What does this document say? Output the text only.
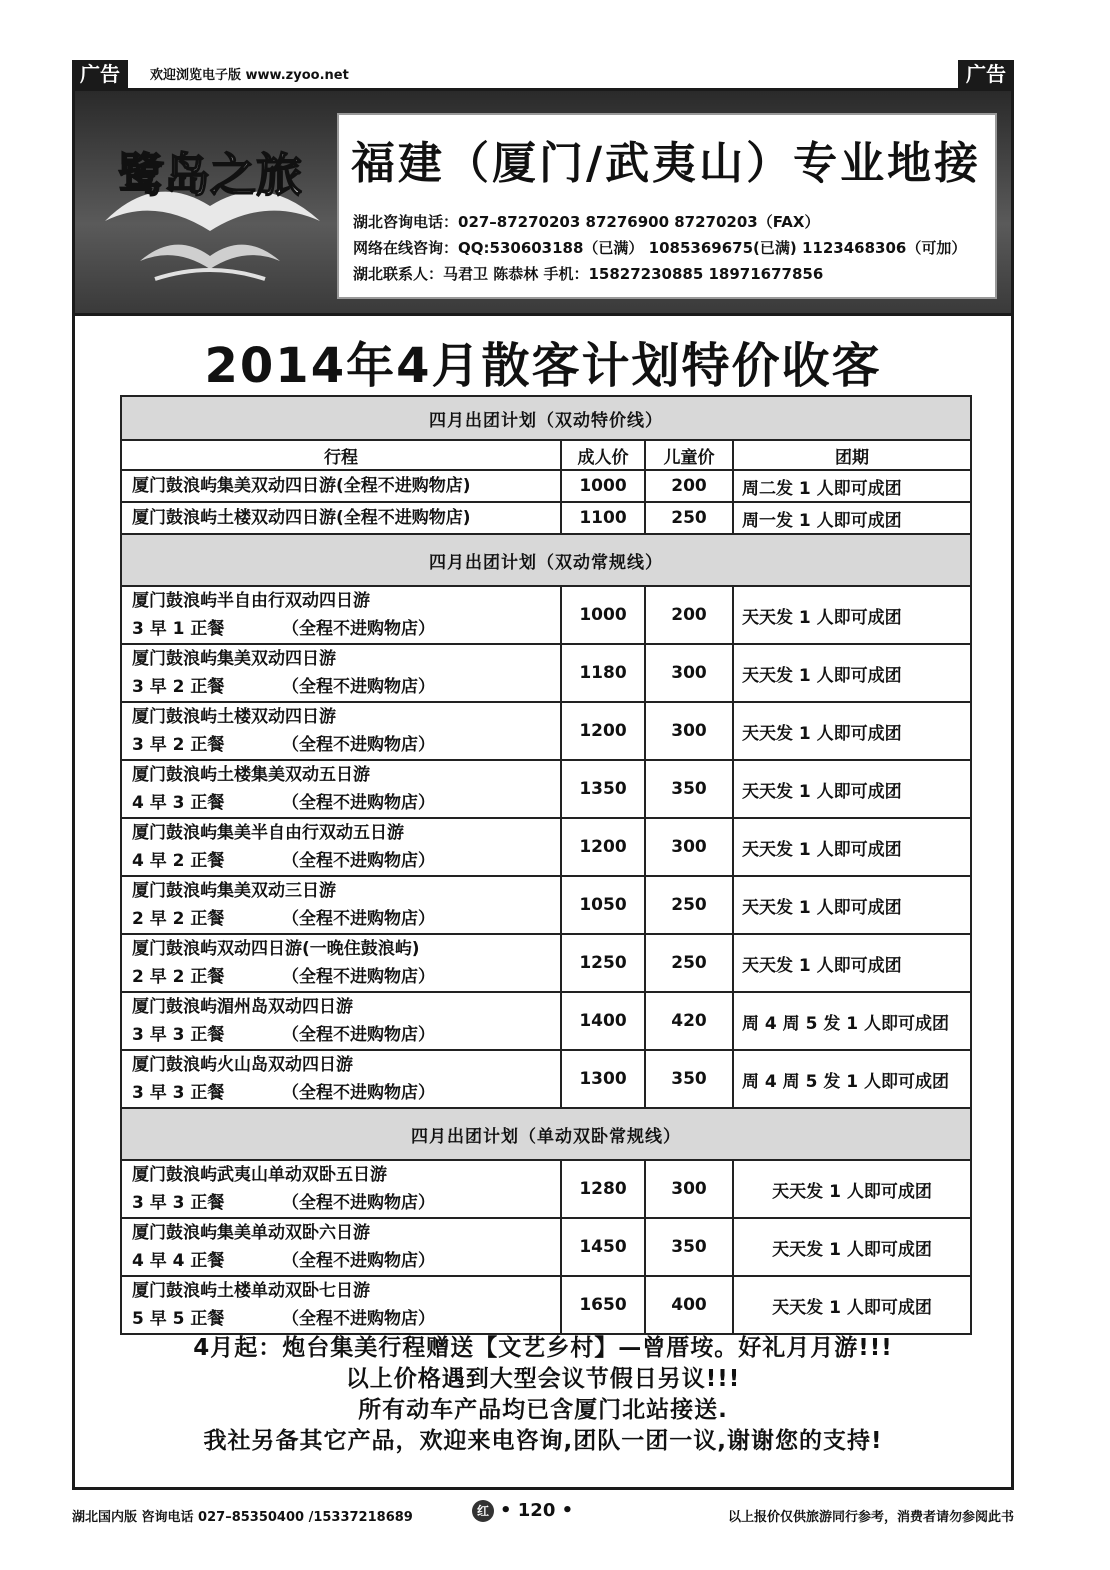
广告	欢迎浏览电子版 www.zyoo.net	广告
鹭岛之旅 福建（厦门/武夷山）专业地接
湖北咨询电话：027–87270203 87276900 87270203（FAX）
网络在线咨询：QQ:530603188（已满） 1085369675(已满) 1123468306（可加）
湖北联系人：马君卫 陈恭林 手机：15827230885 18971677856
2014年4月散客计划特价收客
四月出团计划（双动特价线）			
行程	成人价	儿童价	团期
厦门鼓浪屿集美双动四日游(全程不进购物店)	1000	200	周二发 1 人即可成团
厦门鼓浪屿土楼双动四日游(全程不进购物店)	1100	250	周一发 1 人即可成团
四月出团计划（双动常规线）			

厦门鼓浪屿半自由行双动四日游
3 早 1 正餐 （全程不进购物店）	1000	200	天天发 1 人即可成团

厦门鼓浪屿集美双动四日游
3 早 2 正餐 （全程不进购物店）	1180	300	天天发 1 人即可成团

厦门鼓浪屿土楼双动四日游
3 早 2 正餐 （全程不进购物店）	1200	300	天天发 1 人即可成团

厦门鼓浪屿土楼集美双动五日游
4 早 3 正餐 （全程不进购物店）	1350	350	天天发 1 人即可成团

厦门鼓浪屿集美半自由行双动五日游
4 早 2 正餐 （全程不进购物店）	1200	300	天天发 1 人即可成团

厦门鼓浪屿集美双动三日游
2 早 2 正餐 （全程不进购物店）	1050	250	天天发 1 人即可成团

厦门鼓浪屿双动四日游(一晚住鼓浪屿)
2 早 2 正餐 （全程不进购物店）	1250	250	天天发 1 人即可成团

厦门鼓浪屿湄州岛双动四日游
3 早 3 正餐 （全程不进购物店）	1400	420	周 4 周 5 发 1 人即可成团

厦门鼓浪屿火山岛双动四日游
3 早 3 正餐 （全程不进购物店）	1300	350	周 4 周 5 发 1 人即可成团
四月出团计划（单动双卧常规线）			

厦门鼓浪屿武夷山单动双卧五日游
3 早 3 正餐 （全程不进购物店）	1280	300	天天发 1 人即可成团

厦门鼓浪屿集美单动双卧六日游
4 早 4 正餐 （全程不进购物店）	1450	350	天天发 1 人即可成团

厦门鼓浪屿土楼单动双卧七日游
5 早 5 正餐 （全程不进购物店）	1650	400	天天发 1 人即可成团
4月起：炮台集美行程赠送【文艺乡村】—曾厝垵。好礼月月游!!!
以上价格遇到大型会议节假日另议!!!
所有动车产品均已含厦门北站接送.
我社另备其它产品，欢迎来电咨询,团队一团一议,谢谢您的支持!
湖北国内版 咨询电话 027–85350400 /15337218689	红 • 120 •	以上报价仅供旅游同行参考，消费者请勿参阅此书
